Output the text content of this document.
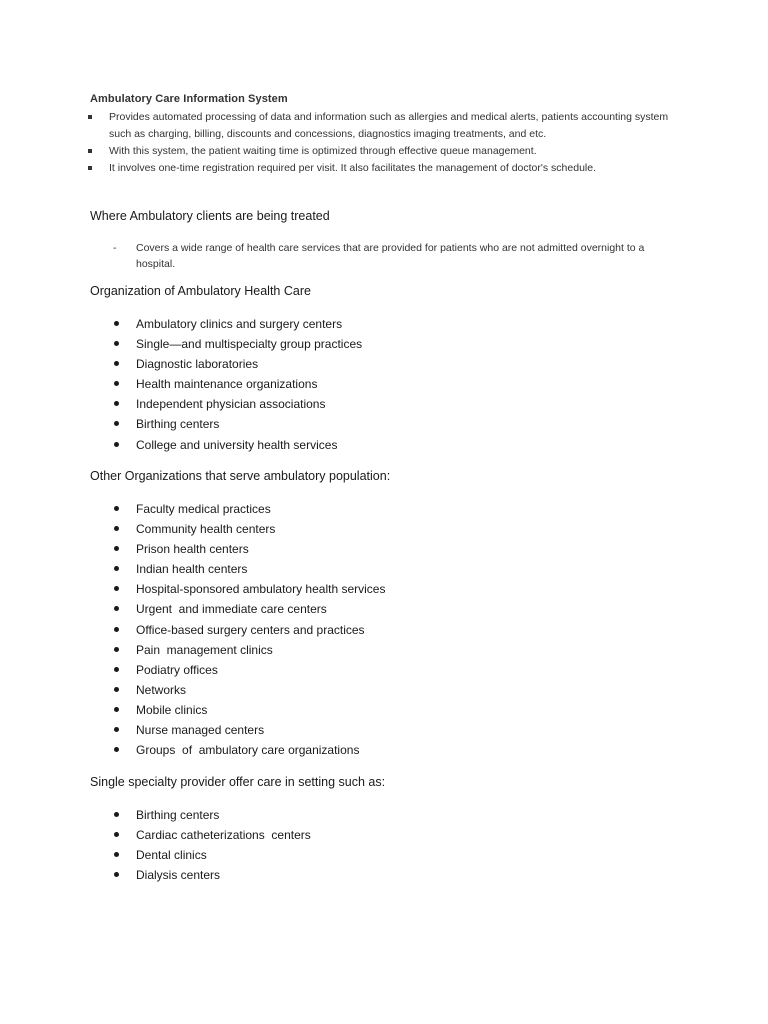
Ambulatory Care Information System
Provides automated processing of data and information such as allergies and medical alerts, patients accounting system such as charging, billing, discounts and concessions, diagnostics imaging treatments, and etc.
With this system, the patient waiting time is optimized through effective queue management.
It involves one-time registration required per visit. It also facilitates the management of doctor's schedule.
Where Ambulatory clients are being treated
-	Covers a wide range of health care services that are provided for patients who are not admitted overnight to a hospital.
Organization of Ambulatory Health Care
Ambulatory clinics and surgery centers
Single—and multispecialty group practices
Diagnostic laboratories
Health maintenance organizations
Independent physician associations
Birthing centers
College and university health services
Other Organizations that serve ambulatory population:
Faculty medical practices
Community health centers
Prison health centers
Indian health centers
Hospital-sponsored ambulatory health services
Urgent  and immediate care centers
Office-based surgery centers and practices
Pain  management clinics
Podiatry offices
Networks
Mobile clinics
Nurse managed centers
Groups  of  ambulatory care organizations
Single specialty provider offer care in setting such as:
Birthing centers
Cardiac catheterizations  centers
Dental clinics
Dialysis centers
